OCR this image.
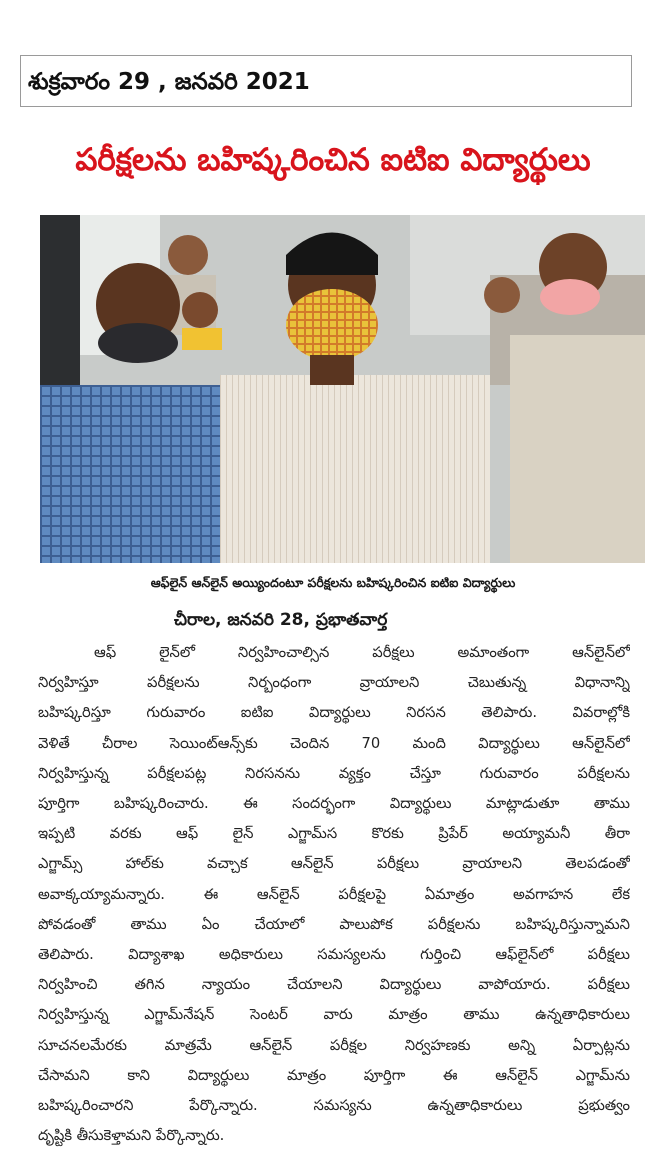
శుక్రవారం 29 , జనవరి 2021
పరీక్షలను బహిష్కరించిన ఐటిఐ విద్యార్థులు
ఆఫ్‌లైన్ ఆన్‌లైన్ అయ్యిందంటూ పరీక్షలను బహిష్కరించిన ఐటిఐ విద్యార్థులు
చీరాల, జనవరి 28, ప్రభాతవార్త
ఆఫ్ లైన్‌లో నిర్వహించాల్సిన పరీక్షలు అమాంతంగా ఆన్‌లైన్‌లో
నిర్వహిస్తూ పరీక్షలను నిర్బంధంగా వ్రాయాలని చెబుతున్న విధానాన్ని
బహిష్కరిస్తూ గురువారం ఐటిఐ విద్యార్థులు నిరసన తెలిపారు. వివరాల్లోకి
వెళితే చీరాల సెయింట్ఆన్స్‌కు చెందిన 70 మంది విద్యార్థులు ఆన్‌లైన్‌లో
నిర్వహిస్తున్న పరీక్షలపట్ల నిరసనను వ్యక్తం చేస్తూ గురువారం పరీక్షలను
పూర్తిగా బహిష్కరించారు. ఈ సందర్భంగా విద్యార్థులు మాట్లాడుతూ తాము
ఇప్పటి వరకు ఆఫ్ లైన్ ఎగ్జామ్‌‌స కొరకు ప్రిపేర్ అయ్యామనీ తీరా
ఎగ్జామ్స్ హాల్‌కు వచ్చాక ఆన్‌లైన్ పరీక్షలు వ్రాయాలని తెలపడంతో
అవాక్కయ్యామన్నారు. ఈ ఆన్‌లైన్ పరీక్షలపై ఏమాత్రం అవగాహన లేక
పోవడంతో తాము ఏం చేయాలో పాలుపోక పరీక్షలను బహిష్కరిస్తున్నామని
తెలిపారు. విద్యాశాఖ అధికారులు సమస్యలను గుర్తించి ఆఫ్‌లైన్‌లో పరీక్షలు
నిర్వహించి తగిన న్యాయం చేయాలని విద్యార్థులు వాపోయారు. పరీక్షలు
నిర్వహిస్తున్న ఎగ్జామ్‌నేషన్ సెంటర్ వారు మాత్రం తాము ఉన్నతాధికారులు
సూచనలమేరకు మాత్రమే ఆన్‌లైన్ పరీక్షల నిర్వహణకు అన్ని ఏర్పాట్లను
చేసామని కాని విద్యార్థులు మాత్రం పూర్తిగా ఈ ఆన్‌లైన్ ఎగ్జామ్‌ను
బహిష్కరించారని పేర్కొన్నారు. సమస్యను ఉన్నతాధికారులు ప్రభుత్వం
దృష్టికి తీసుకెళ్తామని పేర్కొన్నారు.
